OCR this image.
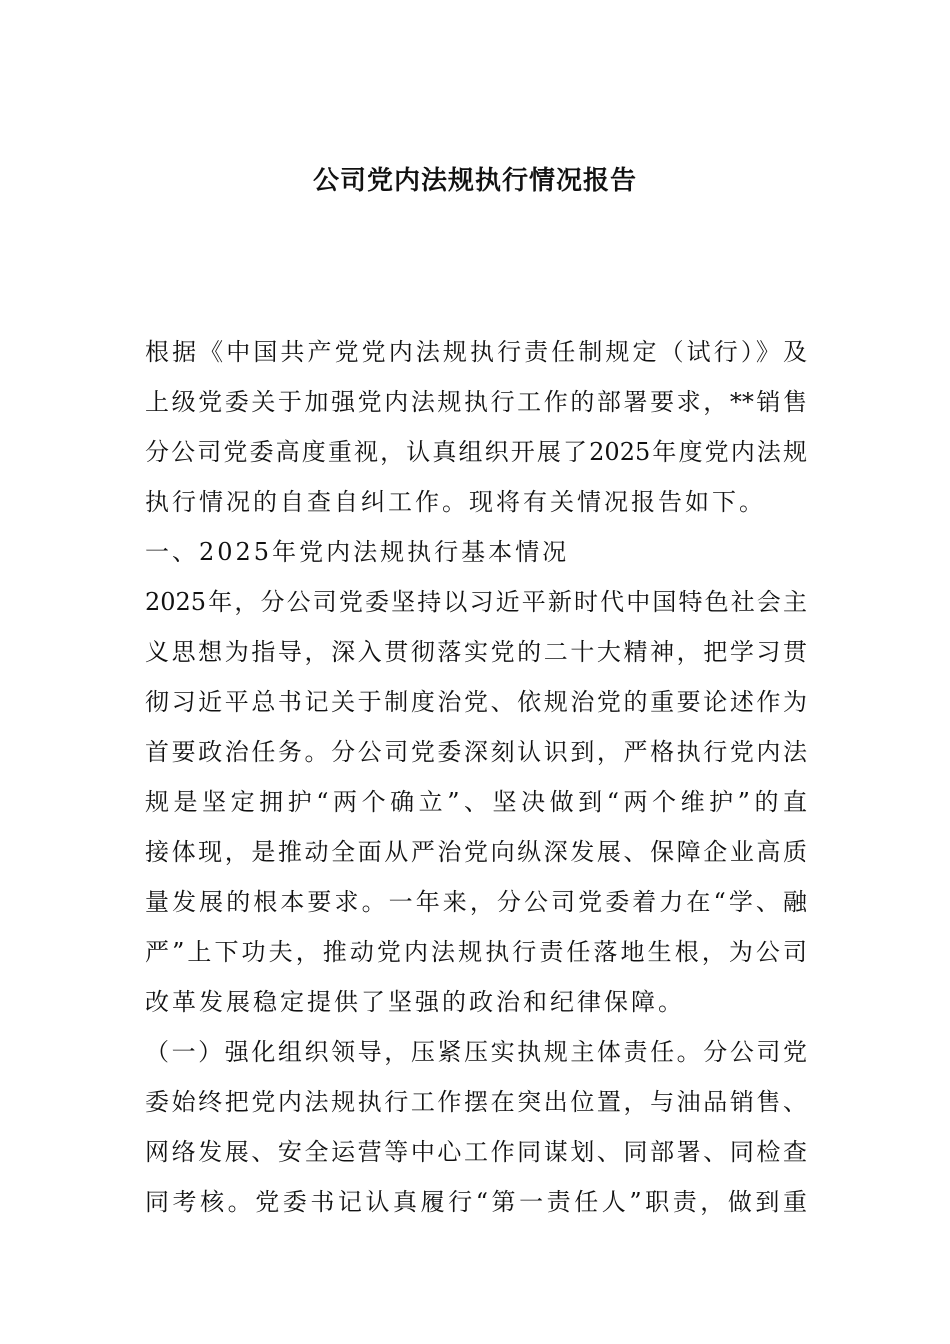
公司党内法规执行情况报告
根据《中国共产党党内法规执行责任制规定（试行）》及
上级党委关于加强党内法规执行工作的部署要求，**销售
分公司党委高度重视，认真组织开展了2025年度党内法规
执行情况的自查自纠工作。现将有关情况报告如下。
一、2025年党内法规执行基本情况
2025年，分公司党委坚持以习近平新时代中国特色社会主
义思想为指导，深入贯彻落实党的二十大精神，把学习贯
彻习近平总书记关于制度治党、依规治党的重要论述作为
首要政治任务。分公司党委深刻认识到，严格执行党内法
规是坚定拥护“两个确立”、坚决做到“两个维护”的直
接体现，是推动全面从严治党向纵深发展、保障企业高质
量发展的根本要求。一年来，分公司党委着力在“学、融
严”上下功夫，推动党内法规执行责任落地生根，为公司
改革发展稳定提供了坚强的政治和纪律保障。
（一）强化组织领导，压紧压实执规主体责任。分公司党
委始终把党内法规执行工作摆在突出位置，与油品销售、
网络发展、安全运营等中心工作同谋划、同部署、同检查
同考核。党委书记认真履行“第一责任人”职责，做到重
